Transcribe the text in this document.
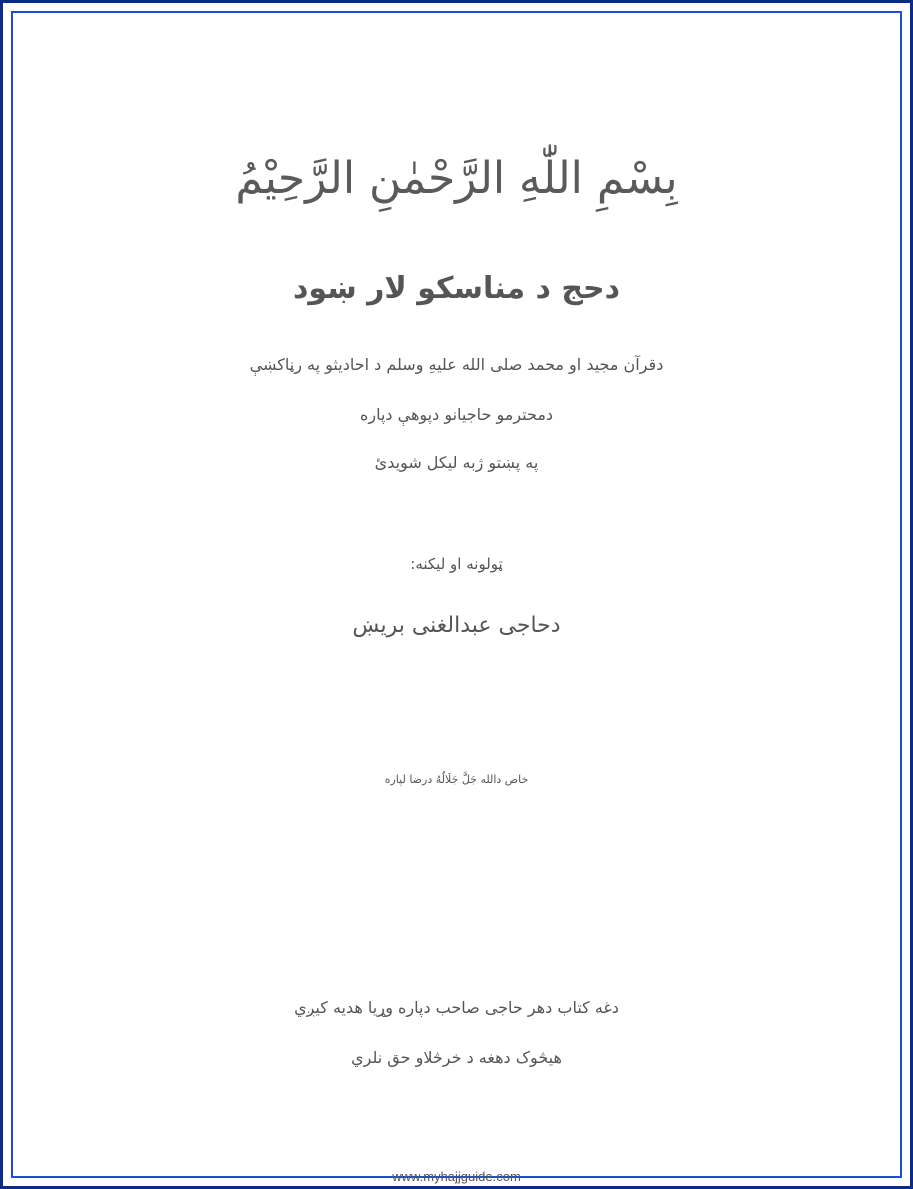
بِسْمِ اللّٰهِ الرَّحْمٰنِ الرَّحِيْمُ
دحج د مناسکو لار ښود
دقرآن مجید او محمد صلی الله علیهِ وسلم د احادیثو په رڼاکښې
دمحترمو حاجیانو دپوهې دپاره
په پښتو ژبه لیکل شویدئ
ټولونه او لیکنه:
دحاجی عبدالغنی بریښ
خاص دالله جَلَّ جَلَالُهُ درضا لپاره
دغه کتاب دهر حاجی صاحب دپاره وړیا هدیه کیږي
هیڅوک دهغه د خرڅلاو حق نلري
www.myhajjguide.com
